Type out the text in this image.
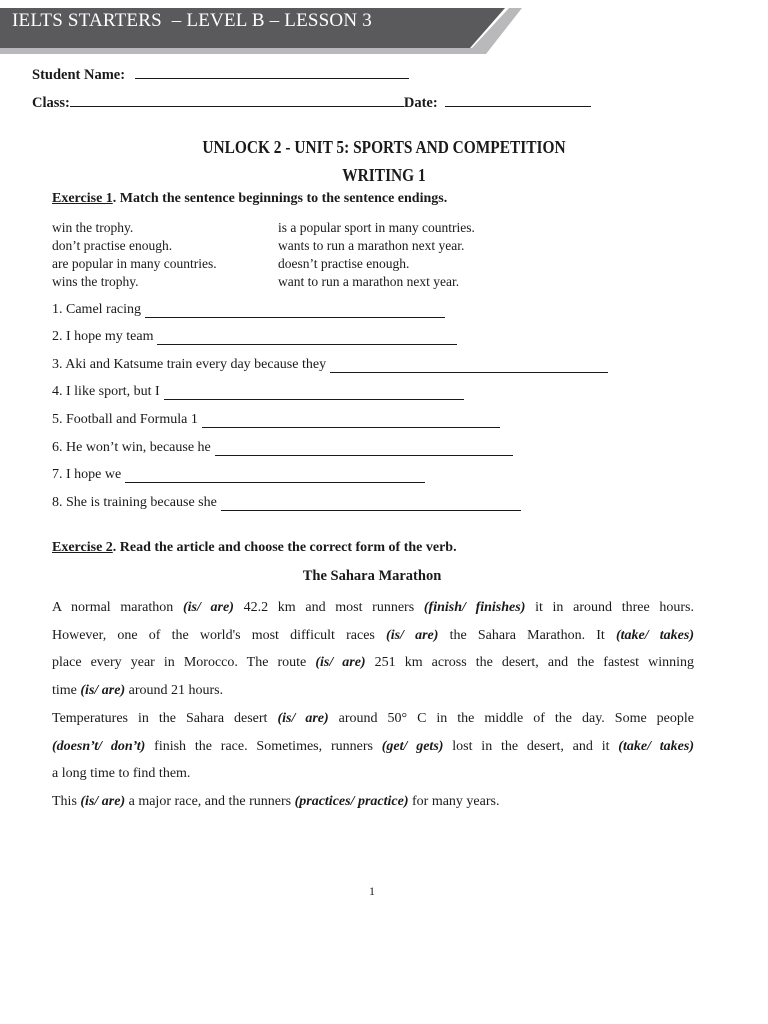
IELTS STARTERS  – LEVEL B – LESSON 3
Student Name:
Class:	Date:
UNLOCK 2 - UNIT 5: SPORTS AND COMPETITION
WRITING 1
Exercise 1. Match the sentence beginnings to the sentence endings.
win the trophy.
don’t practise enough.
are popular in many countries.
wins the trophy.
is a popular sport in many countries.
wants to run a marathon next year.
doesn’t practise enough.
want to run a marathon next year.
1. Camel racing
2. I hope my team
3. Aki and Katsume train every day because they
4. I like sport, but I
5. Football and Formula 1
6. He won’t win, because he
7. I hope we
8. She is training because she
Exercise 2. Read the article and choose the correct form of the verb.
The Sahara Marathon

A normal marathon (is/ are) 42.2 km and most runners (finish/ finishes) it in around three hours.

However, one of the world's most difficult races (is/ are) the Sahara Marathon. It (take/ takes)

place every year in Morocco. The route (is/ are) 251 km across the desert, and the fastest winning

time (is/ are) around 21 hours.

Temperatures in the Sahara desert (is/ are) around 50° C in the middle of the day. Some people

(doesn’t/ don’t) finish the race. Sometimes, runners (get/ gets) lost in the desert, and it (take/ takes)

a long time to find them.

This (is/ are) a major race, and the runners (practices/ practice) for many years.

1
